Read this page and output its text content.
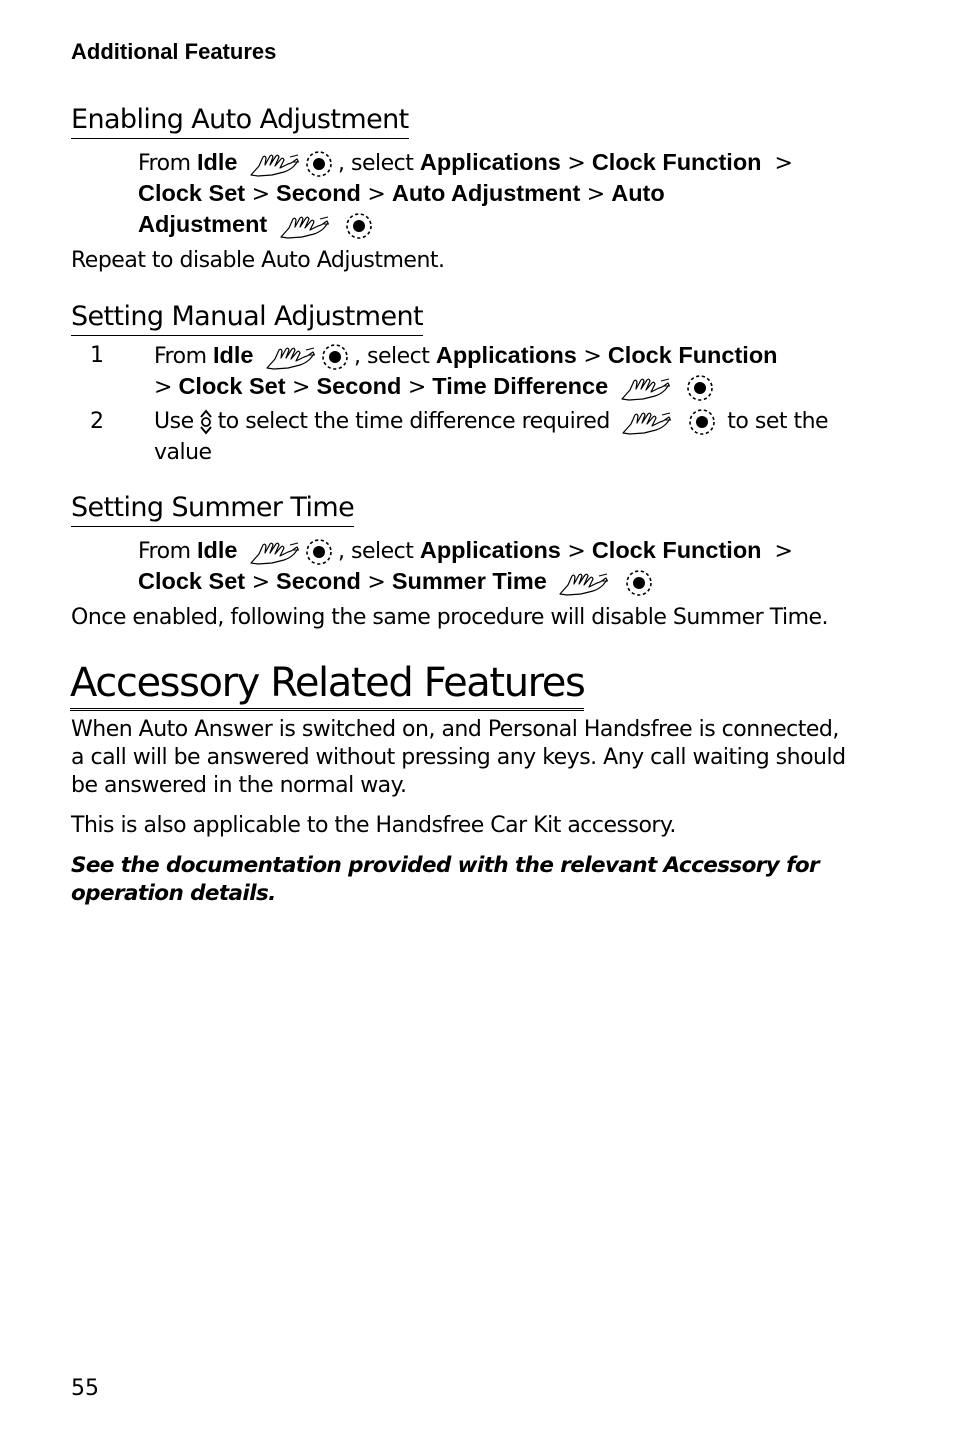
Additional Features
Enabling Auto Adjustment
From Idle	, select Applications > Clock Function >
Clock Set > Second > Auto Adjustment > Auto
Adjustment
Repeat to disable Auto Adjustment.
Setting Manual Adjustment
1 From Idle	, select Applications > Clock Function
> Clock Set > Second > Time Difference
2 Use to select the time difference required	to set the
value
Setting Summer Time
From Idle	, select Applications > Clock Function >
Clock Set > Second > Summer Time
Once enabled, following the same procedure will disable Summer Time.
Accessory Related Features
When Auto Answer is switched on, and Personal Handsfree is connected, a call will be answered without pressing any keys. Any call waiting should be answered in the normal way.
This is also applicable to the Handsfree Car Kit accessory.
See the documentation provided with the relevant Accessory for operation details.
55
